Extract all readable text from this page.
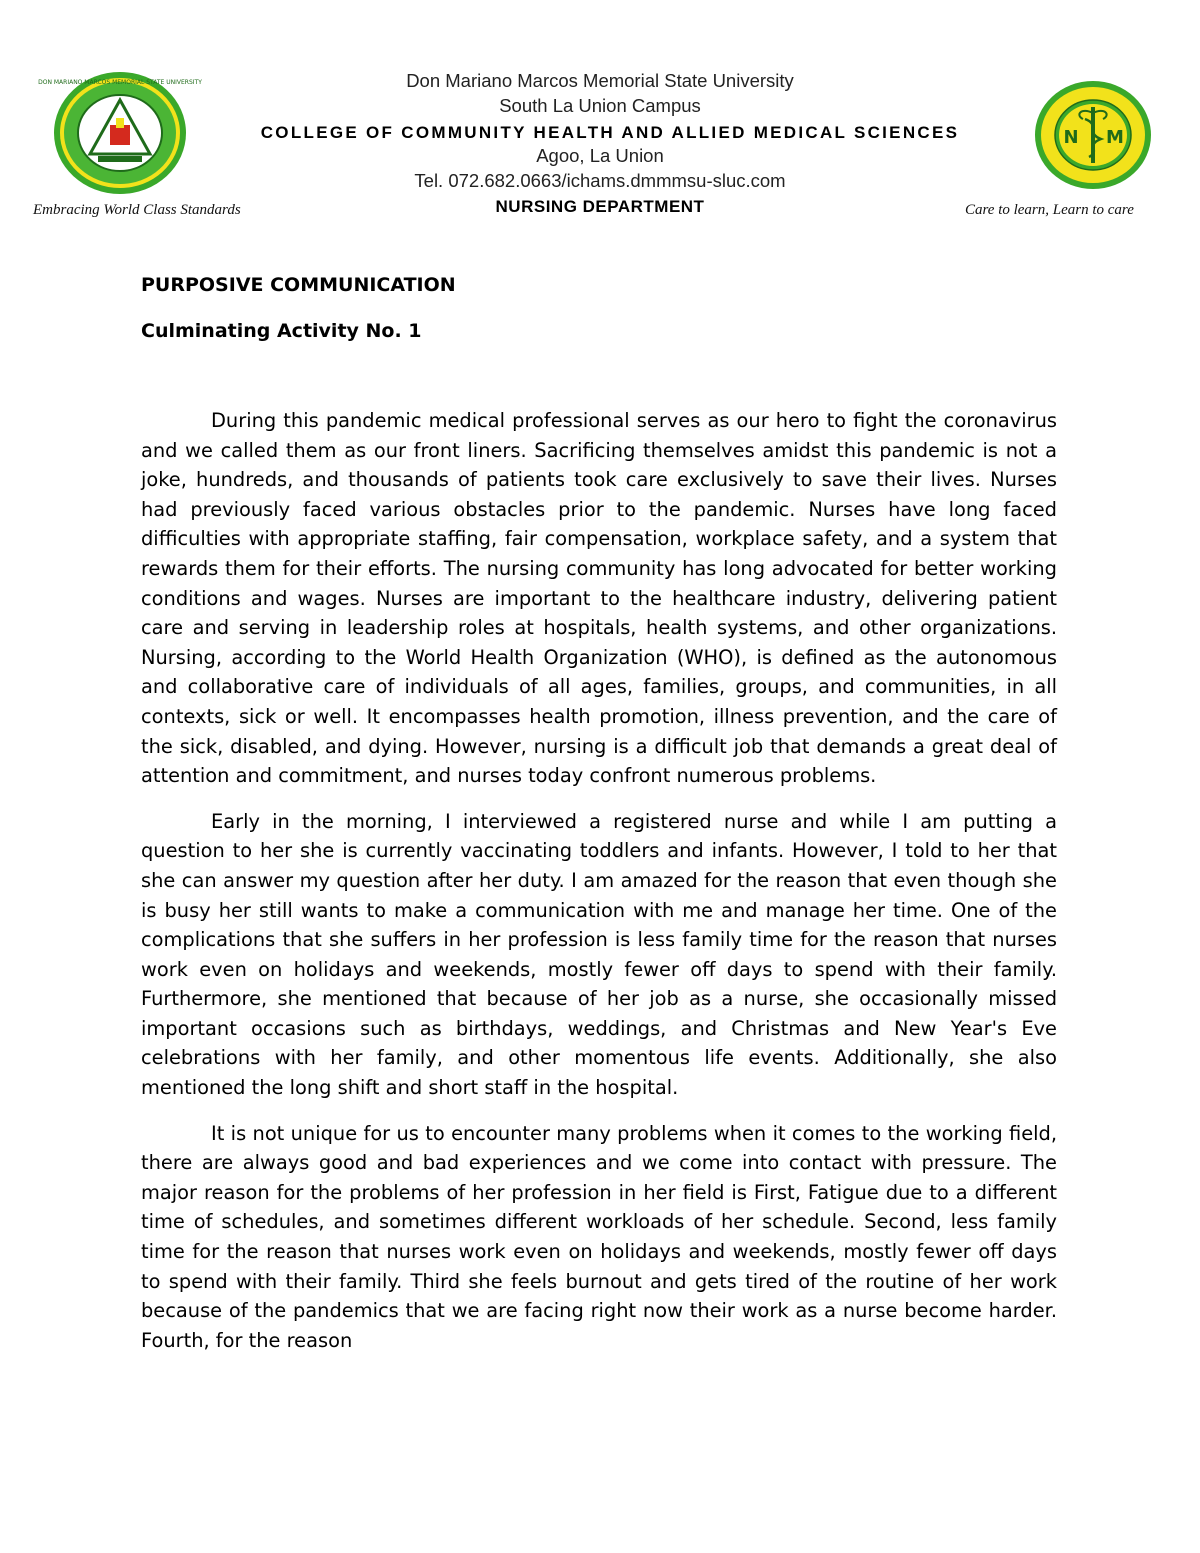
DON MARIANO MARCOS MEMORIAL STATE UNIVERSITY
N M
Don Mariano Marcos Memorial State University
South La Union Campus
COLLEGE OF COMMUNITY HEALTH AND ALLIED MEDICAL SCIENCES
Agoo, La Union
Tel. 072.682.0663/ichams.dmmmsu-sluc.com
NURSING DEPARTMENT
Embracing World Class Standards	Care to learn, Learn to care

PURPOSIVE COMMUNICATION

Culminating Activity No. 1

During this pandemic medical professional serves as our hero to fight the coronavirus and we called them as our front liners. Sacrificing themselves amidst this pandemic is not a joke, hundreds, and thousands of patients took care exclusively to save their lives. Nurses had previously faced various obstacles prior to the pandemic. Nurses have long faced difficulties with appropriate staffing, fair compensation, workplace safety, and a system that rewards them for their efforts. The nursing community has long advocated for better working conditions and wages. Nurses are important to the healthcare industry, delivering patient care and serving in leadership roles at hospitals, health systems, and other organizations. Nursing, according to the World Health Organization (WHO), is defined as the autonomous and collaborative care of individuals of all ages, families, groups, and communities, in all contexts, sick or well. It encompasses health promotion, illness prevention, and the care of the sick, disabled, and dying. However, nursing is a difficult job that demands a great deal of attention and commitment, and nurses today confront numerous problems.

Early in the morning, I interviewed a registered nurse and while I am putting a question to her she is currently vaccinating toddlers and infants. However, I told to her that she can answer my question after her duty. I am amazed for the reason that even though she is busy her still wants to make a communication with me and manage her time. One of the complications that she suffers in her profession is less family time for the reason that nurses work even on holidays and weekends, mostly fewer off days to spend with their family. Furthermore, she mentioned that because of her job as a nurse, she occasionally missed important occasions such as birthdays, weddings, and Christmas and New Year's Eve celebrations with her family, and other momentous life events. Additionally, she also mentioned the long shift and short staff in the hospital.

It is not unique for us to encounter many problems when it comes to the working field, there are always good and bad experiences and we come into contact with pressure. The major reason for the problems of her profession in her field is First, Fatigue due to a different time of schedules, and sometimes different workloads of her schedule. Second, less family time for the reason that nurses work even on holidays and weekends, mostly fewer off days to spend with their family. Third she feels burnout and gets tired of the routine of her work because of the pandemics that we are facing right now their work as a nurse become harder. Fourth, for the reason
